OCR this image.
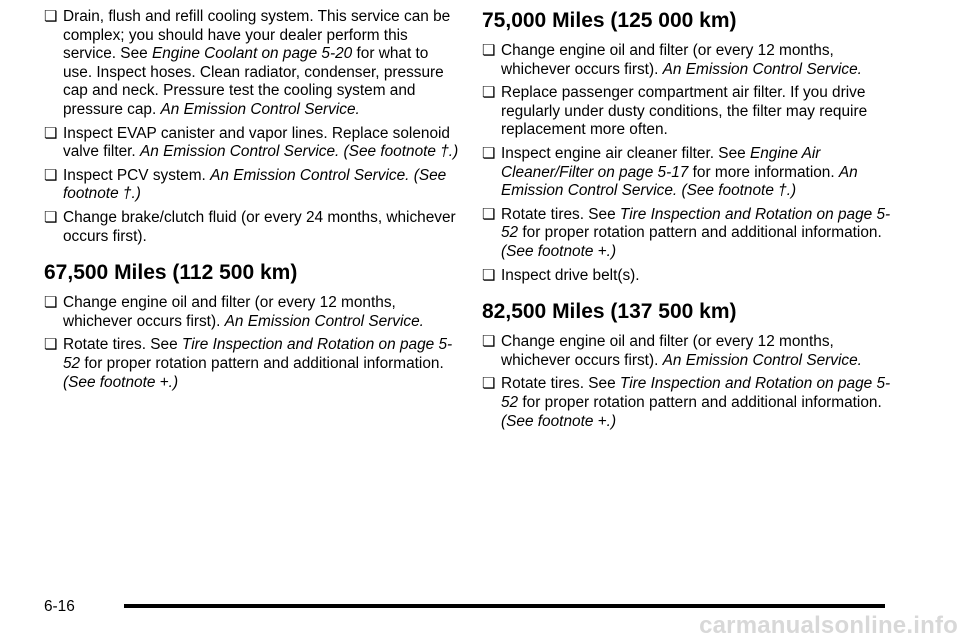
❏ Drain, flush and refill cooling system. This service can be complex; you should have your dealer perform this service. See Engine Coolant on page 5-20 for what to use. Inspect hoses. Clean radiator, condenser, pressure cap and neck. Pressure test the cooling system and pressure cap. An Emission Control Service.
❏ Inspect EVAP canister and vapor lines. Replace solenoid valve filter. An Emission Control Service. (See footnote †.)
❏ Inspect PCV system. An Emission Control Service. (See footnote †.)
❏ Change brake/clutch fluid (or every 24 months, whichever occurs first).
67,500 Miles (112 500 km)
❏ Change engine oil and filter (or every 12 months, whichever occurs first). An Emission Control Service.
❏ Rotate tires. See Tire Inspection and Rotation on page 5-52 for proper rotation pattern and additional information. (See footnote +.)
75,000 Miles (125 000 km)
❏ Change engine oil and filter (or every 12 months, whichever occurs first). An Emission Control Service.
❏ Replace passenger compartment air filter. If you drive regularly under dusty conditions, the filter may require replacement more often.
❏ Inspect engine air cleaner filter. See Engine Air Cleaner/Filter on page 5-17 for more information. An Emission Control Service. (See footnote †.)
❏ Rotate tires. See Tire Inspection and Rotation on page 5-52 for proper rotation pattern and additional information. (See footnote +.)
❏ Inspect drive belt(s).
82,500 Miles (137 500 km)
❏ Change engine oil and filter (or every 12 months, whichever occurs first). An Emission Control Service.
❏ Rotate tires. See Tire Inspection and Rotation on page 5-52 for proper rotation pattern and additional information. (See footnote +.)
6-16
carmanualsonline.info
